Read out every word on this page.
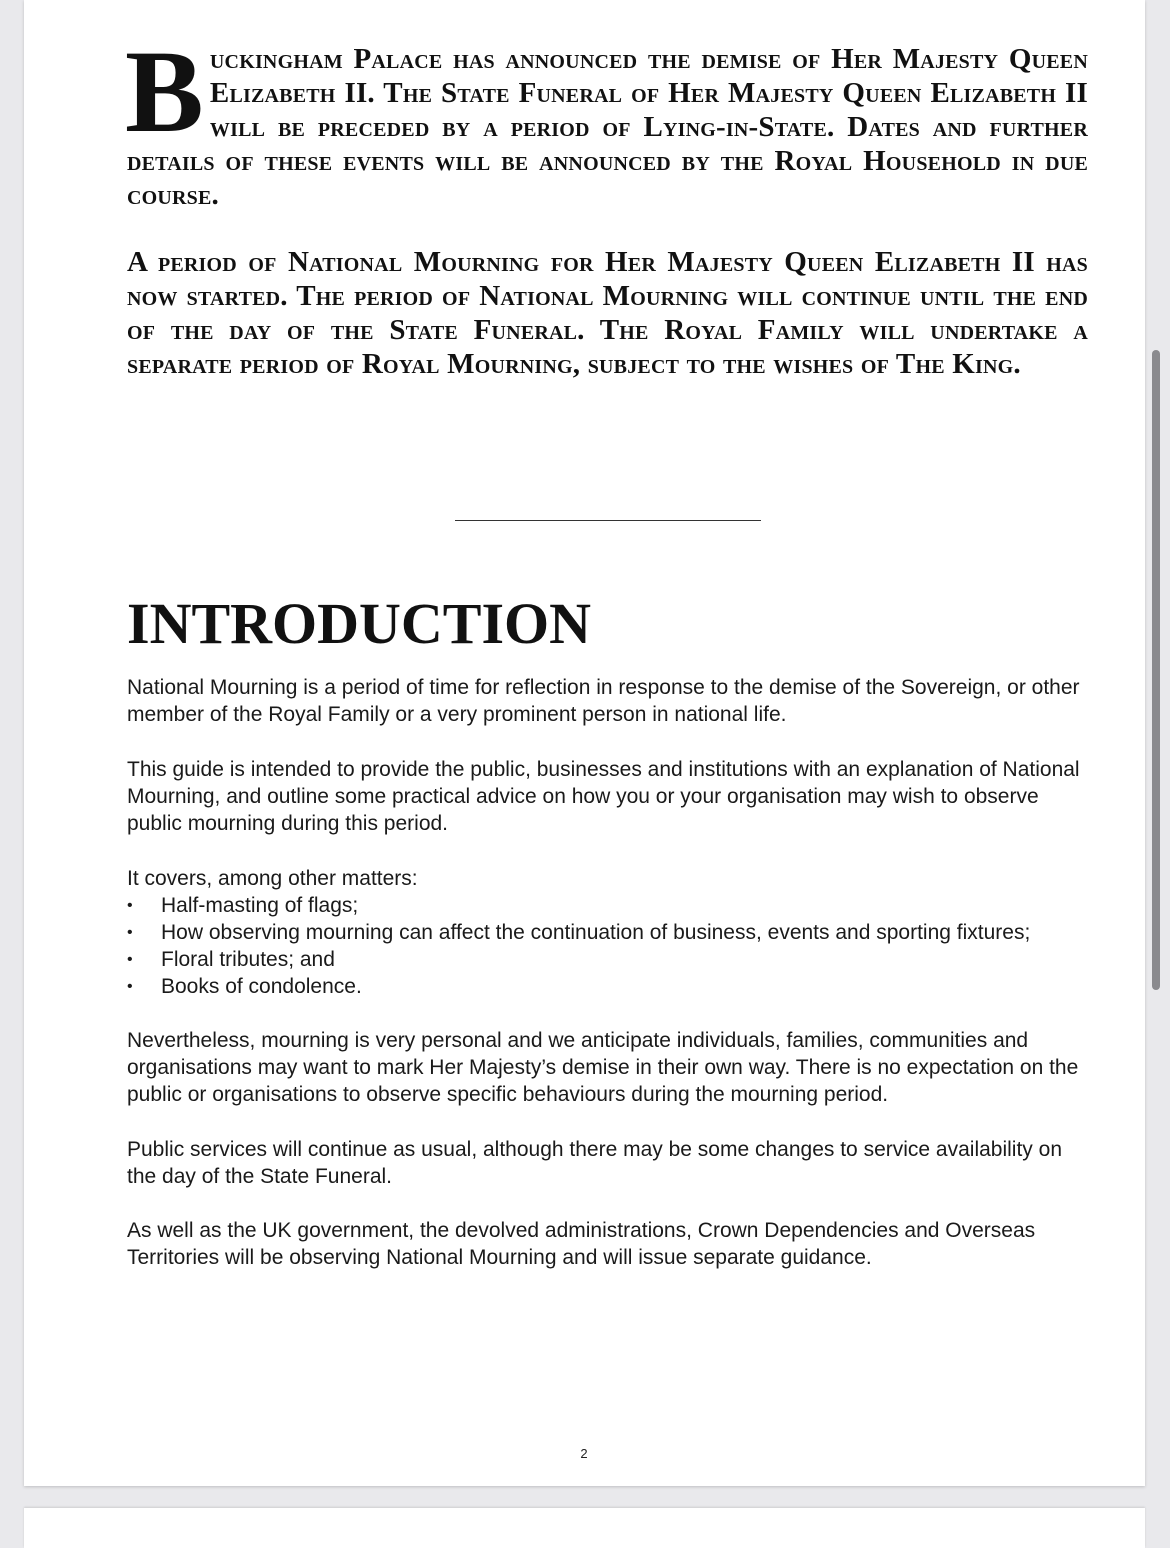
Buckingham Palace has announced the demise of Her Majesty Queen Elizabeth II. The State Funeral of Her Majesty Queen Elizabeth II will be preceded by a period of Lying-in-State. Dates and further details of these events will be announced by the Royal Household in due course.

A period of National Mourning for Her Majesty Queen Elizabeth II has now started. The period of National Mourning will continue until the end of the day of the State Funeral. The Royal Family will undertake a separate period of Royal Mourning, subject to the wishes of The King.

INTRODUCTION

National Mourning is a period of time for reflection in response to the demise of the Sovereign, or other member of the Royal Family or a very prominent person in national life.

This guide is intended to provide the public, businesses and institutions with an explanation of National Mourning, and outline some practical advice on how you or your organisation may wish to observe public mourning during this period.

It covers, among other matters:

• Half-masting of flags;
• How observing mourning can affect the continuation of business, events and sporting fixtures;
• Floral tributes; and
• Books of condolence.

Nevertheless, mourning is very personal and we anticipate individuals, families, communities and organisations may want to mark Her Majesty’s demise in their own way. There is no expectation on the public or organisations to observe specific behaviours during the mourning period.

Public services will continue as usual, although there may be some changes to service availability on the day of the State Funeral.

As well as the UK government, the devolved administrations, Crown Dependencies and Overseas Territories will be observing National Mourning and will issue separate guidance.

2
